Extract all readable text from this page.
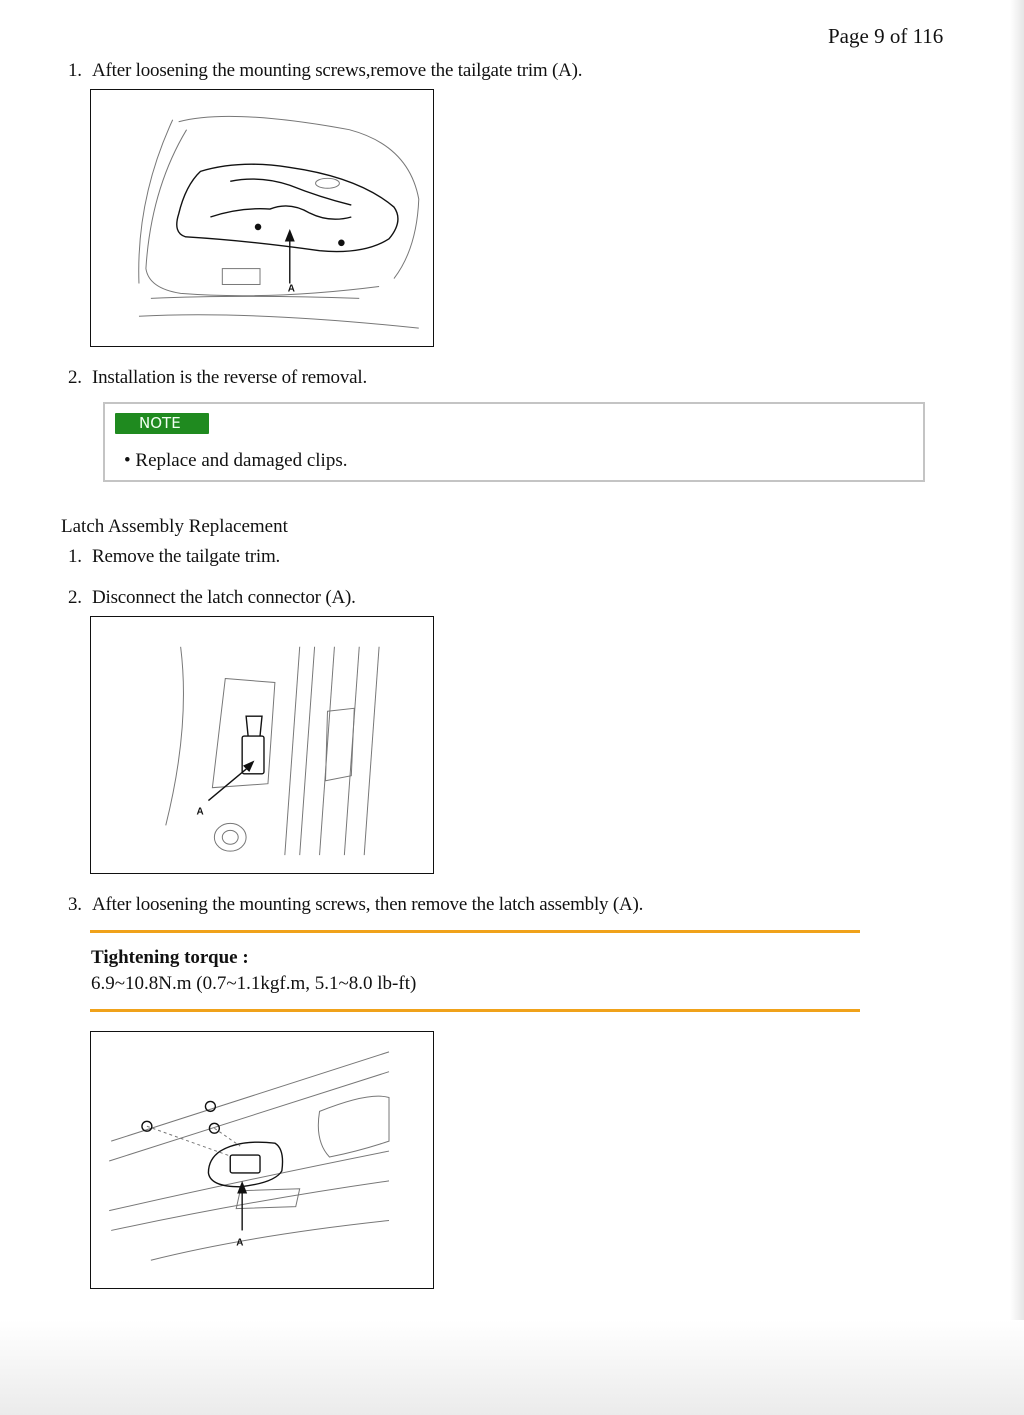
Page 9 of 116
1. After loosening the mounting screws,remove the tailgate trim (A).
A
2. Installation is the reverse of removal.
NOTE
• Replace and damaged clips.
Latch Assembly Replacement
1. Remove the tailgate trim.
2. Disconnect the latch connector (A).
A
3. After loosening the mounting screws, then remove the latch assembly (A).
Tightening torque :
6.9~10.8N.m (0.7~1.1kgf.m, 5.1~8.0 lb-ft)
A
